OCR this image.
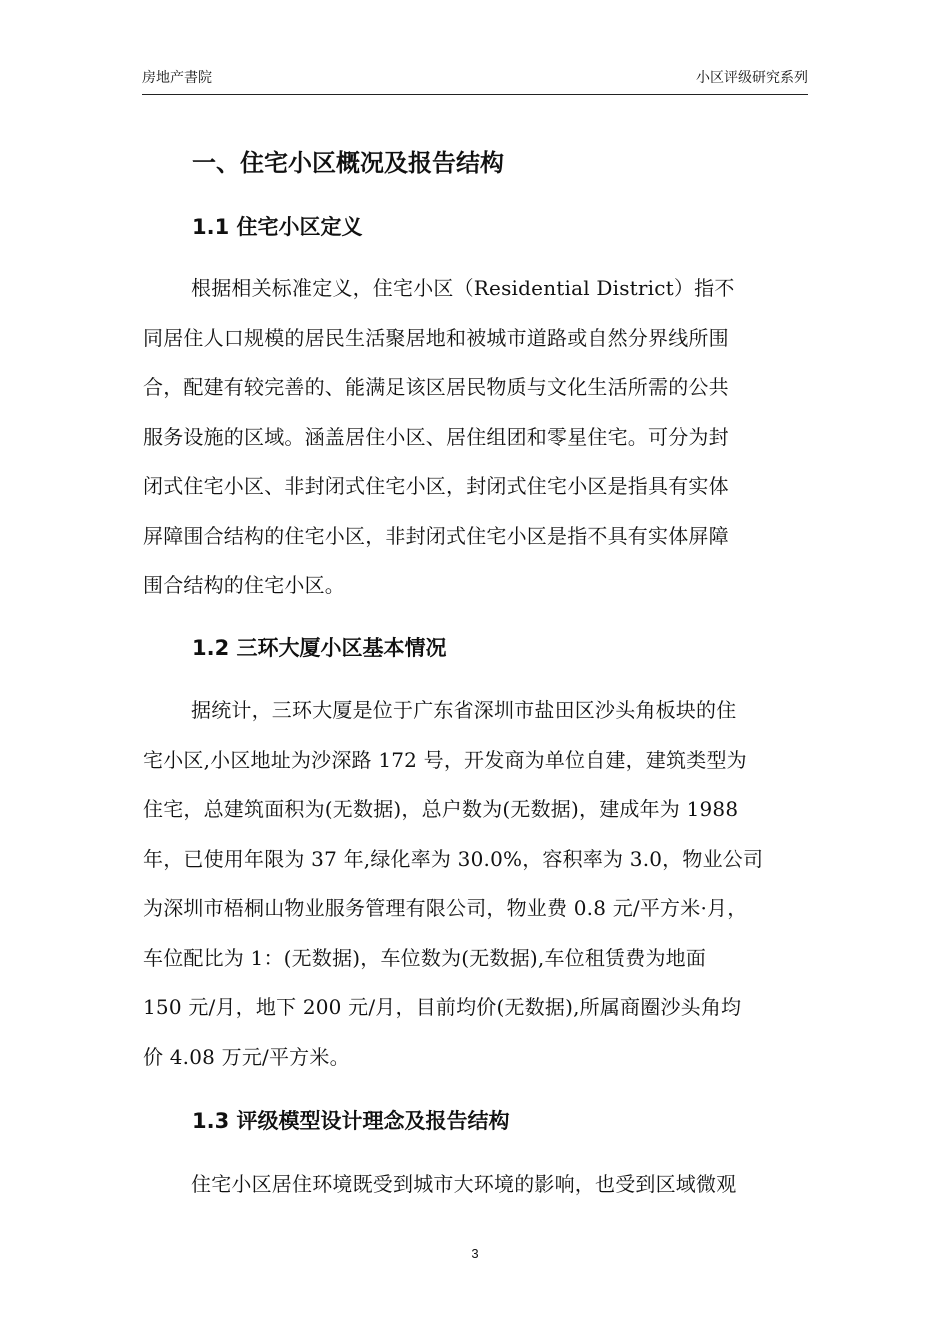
房地产書院	小区评级研究系列
一、住宅小区概况及报告结构
1.1 住宅小区定义
根据相关标准定义，住宅小区（Residential District）指不
同居住人口规模的居民生活聚居地和被城市道路或自然分界线所围
合，配建有较完善的、能满足该区居民物质与文化生活所需的公共
服务设施的区域。涵盖居住小区、居住组团和零星住宅。可分为封
闭式住宅小区、非封闭式住宅小区，封闭式住宅小区是指具有实体
屏障围合结构的住宅小区，非封闭式住宅小区是指不具有实体屏障
围合结构的住宅小区。
1.2 三环大厦小区基本情况
据统计，三环大厦是位于广东省深圳市盐田区沙头角板块的住
宅小区,小区地址为沙深路 172 号，开发商为单位自建，建筑类型为
住宅，总建筑面积为(无数据)，总户数为(无数据)，建成年为 1988
年，已使用年限为 37 年,绿化率为 30.0%，容积率为 3.0，物业公司
为深圳市梧桐山物业服务管理有限公司，物业费 0.8 元/平方米·月，
车位配比为 1：(无数据)，车位数为(无数据),车位租赁费为地面
150 元/月，地下 200 元/月，目前均价(无数据),所属商圈沙头角均
价 4.08 万元/平方米。
1.3 评级模型设计理念及报告结构
住宅小区居住环境既受到城市大环境的影响，也受到区域微观
3
